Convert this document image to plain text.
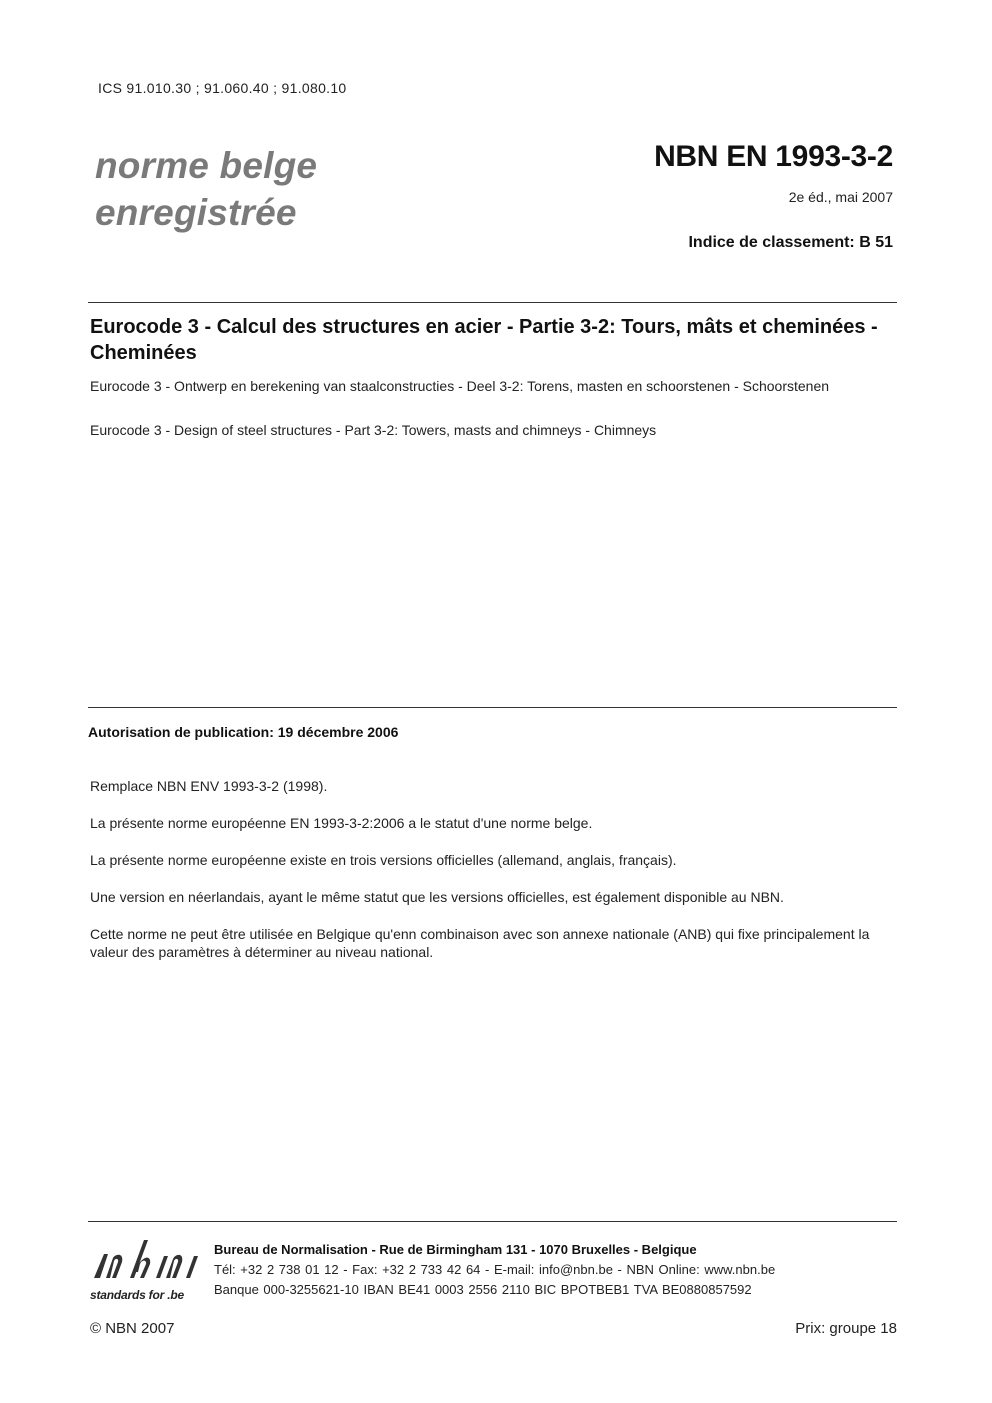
ICS 91.010.30 ; 91.060.40 ; 91.080.10
norme belge
enregistrée
NBN EN 1993-3-2
2e éd., mai 2007
Indice de classement: B 51
Eurocode 3 - Calcul des structures en acier - Partie 3-2: Tours, mâts et cheminées - Cheminées
Eurocode 3 - Ontwerp en berekening van staalconstructies - Deel 3-2: Torens, masten en schoorstenen - Schoorstenen
Eurocode 3 - Design of steel structures - Part 3-2: Towers, masts and chimneys - Chimneys
Autorisation de publication: 19 décembre 2006

Remplace NBN ENV 1993-3-2 (1998).

La présente norme européenne EN 1993-3-2:2006 a le statut d'une norme belge.

La présente norme européenne existe en trois versions officielles (allemand, anglais, français).

Une version en néerlandais, ayant le même statut que les versions officielles, est également disponible au NBN.

Cette norme ne peut être utilisée en Belgique qu'enn combinaison avec son annexe nationale (ANB) qui fixe principalement la valeur des paramètres à déterminer au niveau national.

standards for .be
Bureau de Normalisation - Rue de Birmingham 131 - 1070 Bruxelles - Belgique
Tél: +32 2 738 01 12 - Fax: +32 2 733 42 64 - E-mail: info@nbn.be - NBN Online: www.nbn.be
Banque 000-3255621-10 IBAN BE41 0003 2556 2110 BIC BPOTBEB1 TVA BE0880857592
© NBN 2007	Prix: groupe 18
